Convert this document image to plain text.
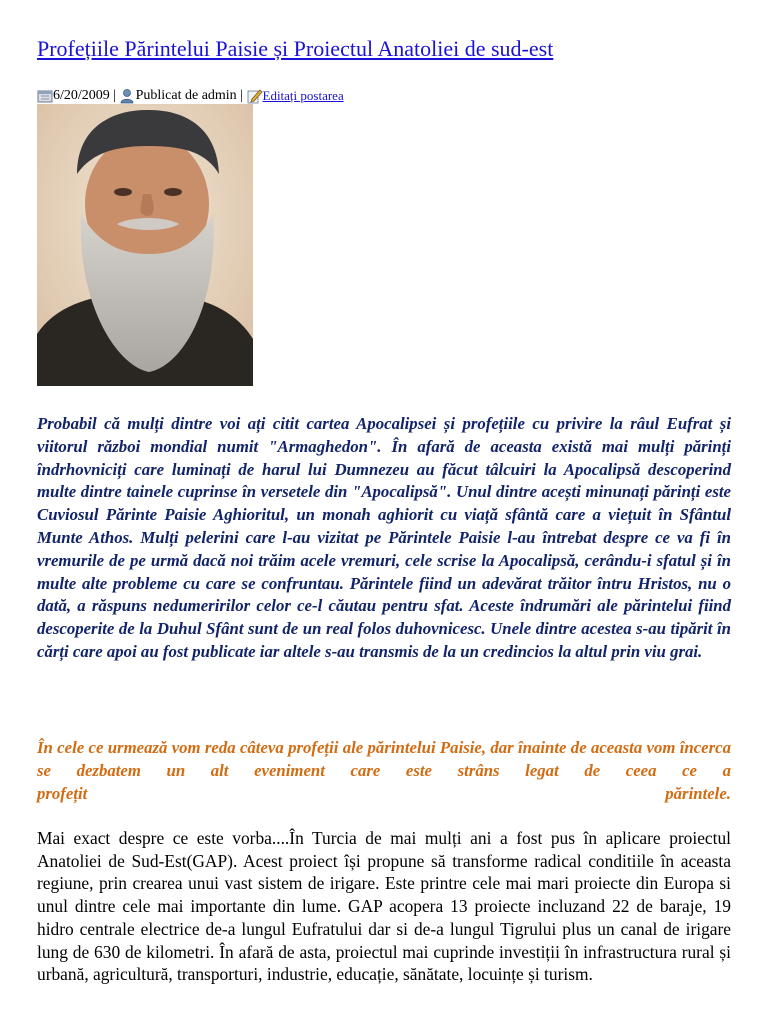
Profețiile Părintelui Paisie și Proiectul Anatoliei de sud-est
6/20/2009 | Publicat de admin | Editați postarea
Probabil că mulți dintre voi ați citit cartea Apocalipsei și profețiile cu privire la râul Eufrat și viitorul război mondial numit "Armaghedon". În afară de aceasta există mai mulți părinți îndrhovniciți care luminați de harul lui Dumnezeu au făcut tâlcuiri la Apocalipsă descoperind multe dintre tainele cuprinse în versetele din "Apocalipsă". Unul dintre acești minunați părinți este Cuviosul Părinte Paisie Aghioritul, un monah aghiorit cu viață sfântă care a viețuit în Sfântul Munte Athos. Mulți pelerini care l-au vizitat pe Părintele Paisie l-au întrebat despre ce va fi în vremurile de pe urmă dacă noi trăim acele vremuri, cele scrise la Apocalipsă, cerându-i sfatul și în multe alte probleme cu care se confruntau. Părintele fiind un adevărat trăitor întru Hristos, nu o dată, a răspuns nedumeririlor celor ce-l căutau pentru sfat. Aceste îndrumări ale părintelui fiind descoperite de la Duhul Sfânt sunt de un real folos duhovnicesc. Unele dintre acestea s-au tipărit în cărți care apoi au fost publicate iar altele s-au transmis de la un credincios la altul prin viu grai.
În cele ce urmează vom reda câteva profeții ale părintelui Paisie, dar înainte de aceasta vom încerca se dezbatem un alt eveniment care este strâns legat de ceea ce a
profețit	părintele.
Mai exact despre ce este vorba....În Turcia de mai mulți ani a fost pus în aplicare proiectul Anatoliei de Sud-Est(GAP). Acest proiect își propune să transforme radical conditiile în aceasta regiune, prin crearea unui vast sistem de irigare. Este printre cele mai mari proiecte din Europa si unul dintre cele mai importante din lume. GAP acopera 13 proiecte incluzand 22 de baraje, 19 hidro centrale electrice de-a lungul Eufratului dar si de-a lungul Tigrului plus un canal de irigare lung de 630 de kilometri. În afară de asta, proiectul mai cuprinde investiții în infrastructura rural și urbană, agricultură, transporturi, industrie, educație, sănătate, locuințe și turism.
